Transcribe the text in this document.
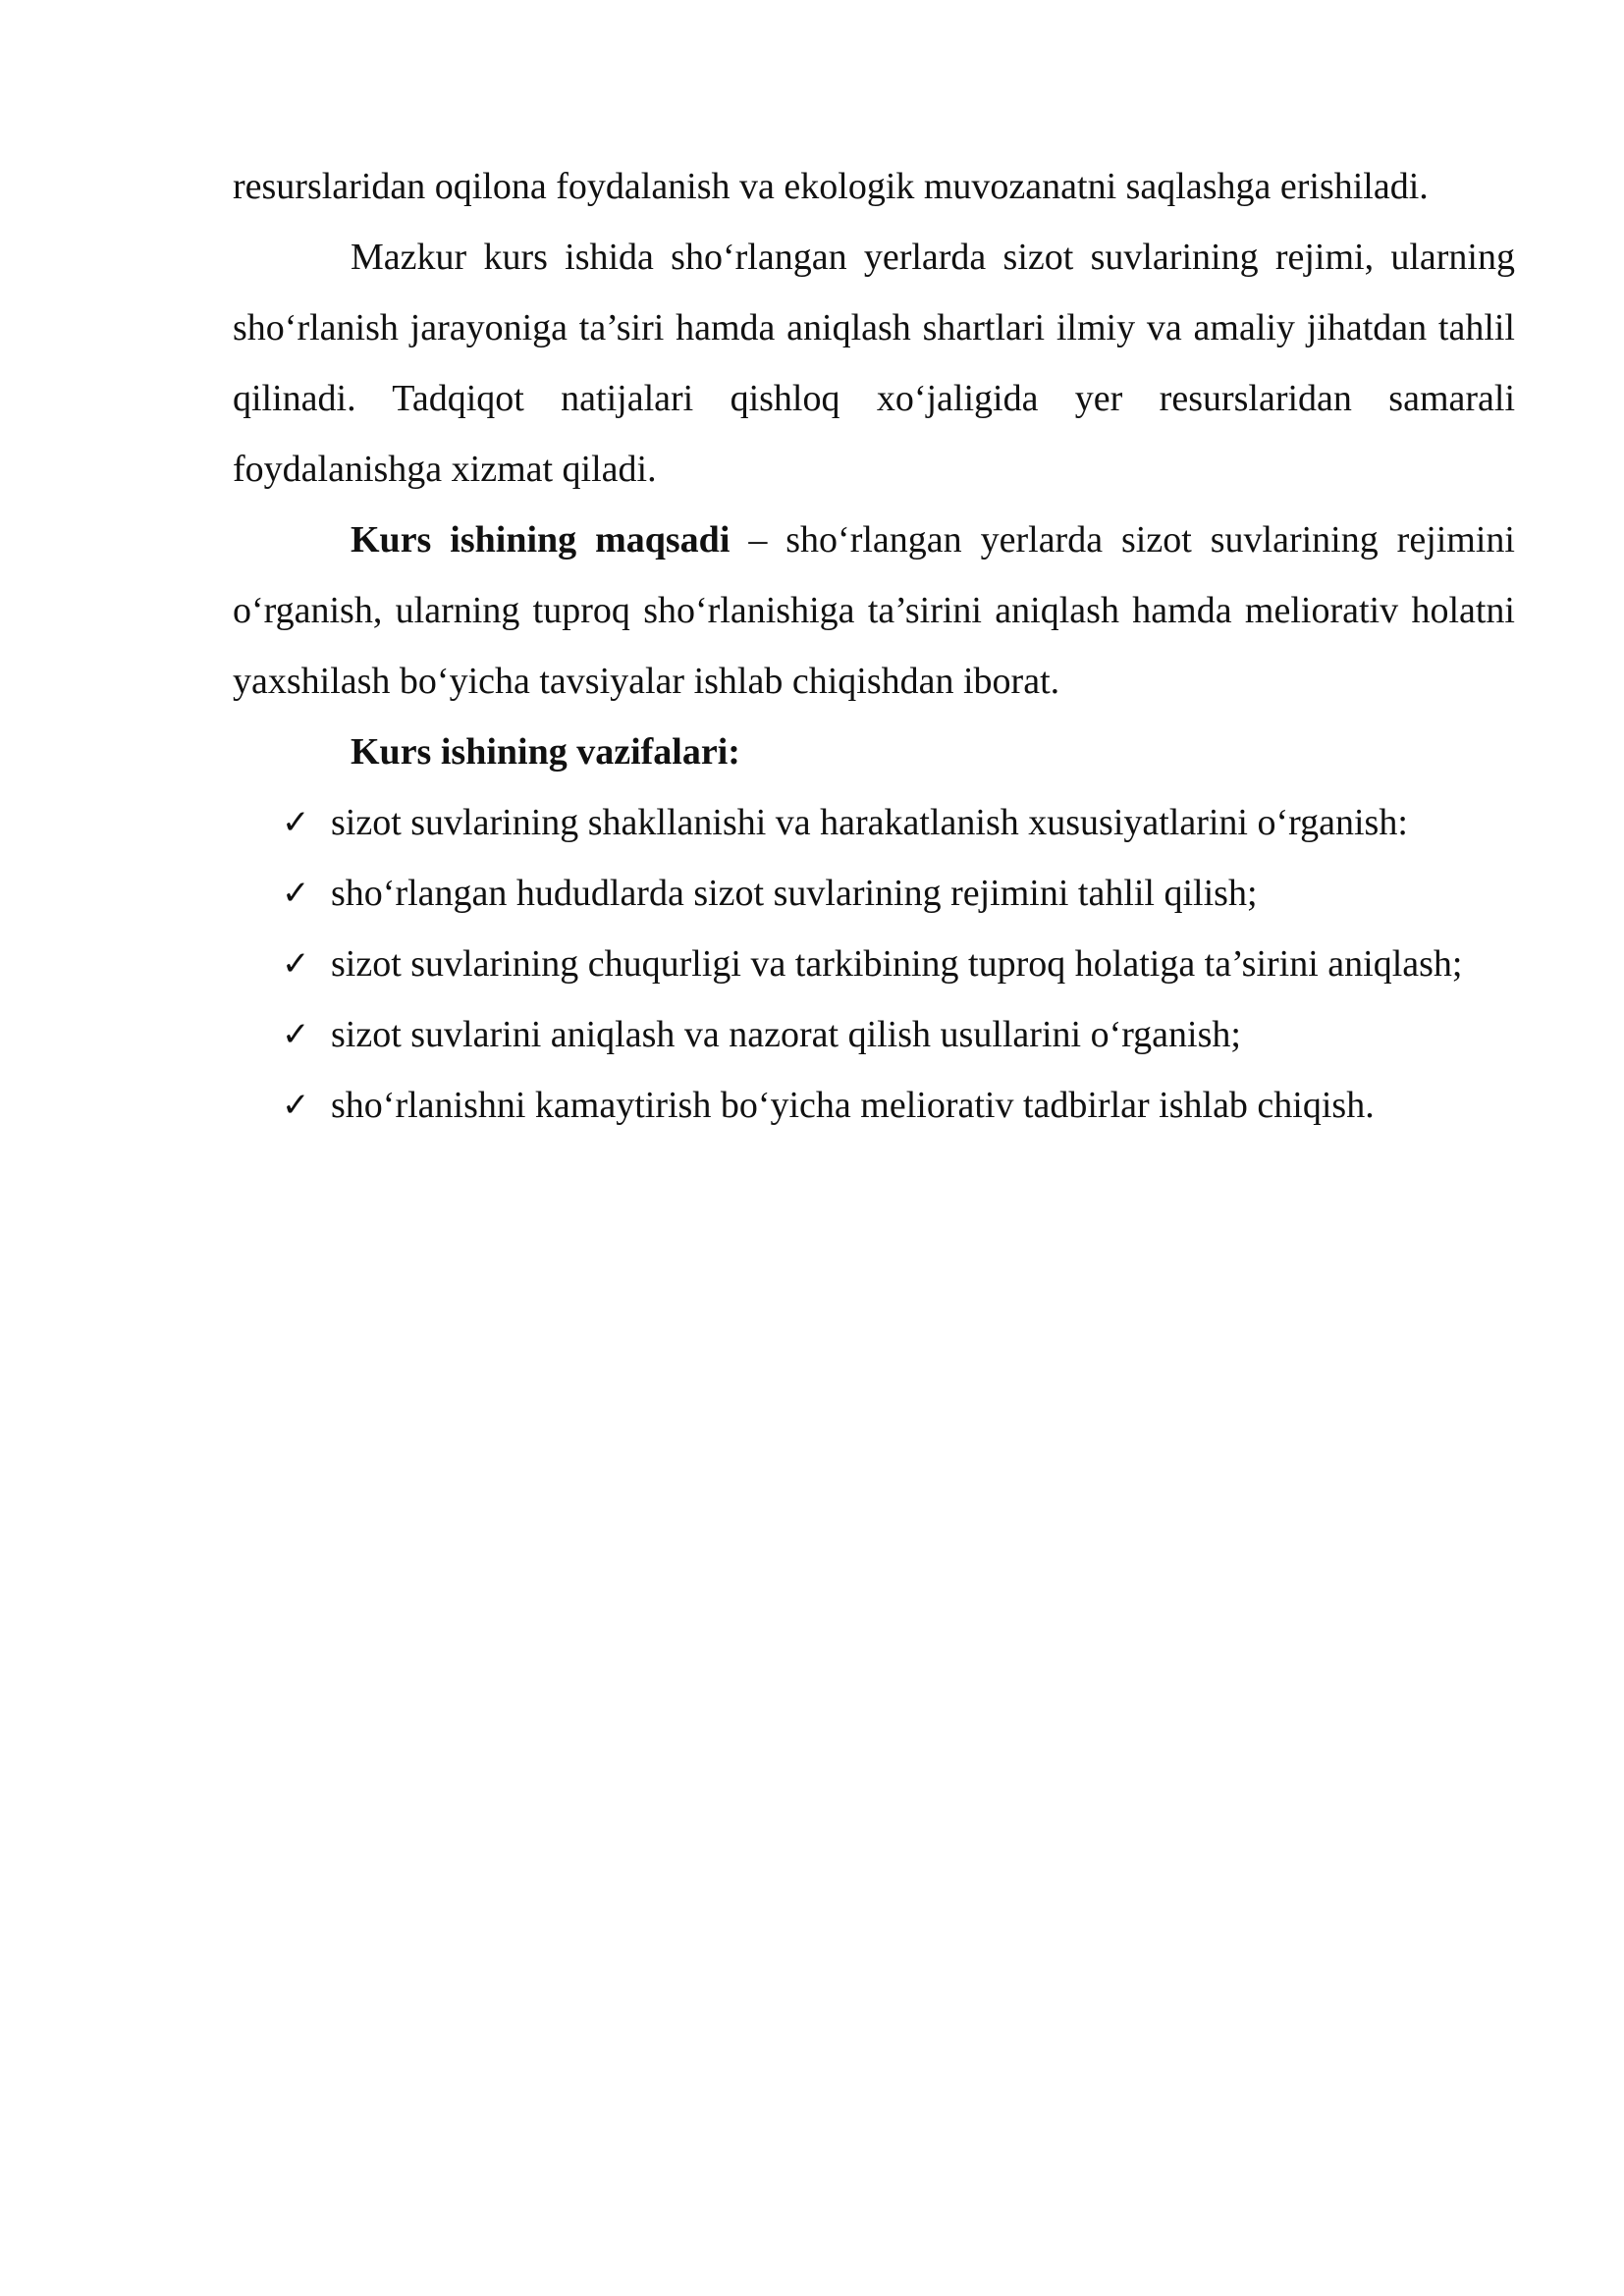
resurslaridan oqilona foydalanish va ekologik muvozanatni saqlashga erishiladi.

Mazkur kurs ishida sho‘rlangan yerlarda sizot suvlarining rejimi, ularning sho‘rlanish jarayoniga ta’siri hamda aniqlash shartlari ilmiy va amaliy jihatdan tahlil qilinadi. Tadqiqot natijalari qishloq xo‘jaligida yer resurslaridan samarali foydalanishga xizmat qiladi.

Kurs ishining maqsadi – sho‘rlangan yerlarda sizot suvlarining rejimini o‘rganish, ularning tuproq sho‘rlanishiga ta’sirini aniqlash hamda meliorativ holatni yaxshilash bo‘yicha tavsiyalar ishlab chiqishdan iborat.

Kurs ishining vazifalari:

✓ sizot suvlarining shakllanishi va harakatlanish xususiyatlarini o‘rganish:
✓ sho‘rlangan hududlarda sizot suvlarining rejimini tahlil qilish;
✓ sizot suvlarining chuqurligi va tarkibining tuproq holatiga ta’sirini aniqlash;
✓ sizot suvlarini aniqlash va nazorat qilish usullarini o‘rganish;
✓ sho‘rlanishni kamaytirish bo‘yicha meliorativ tadbirlar ishlab chiqish.
